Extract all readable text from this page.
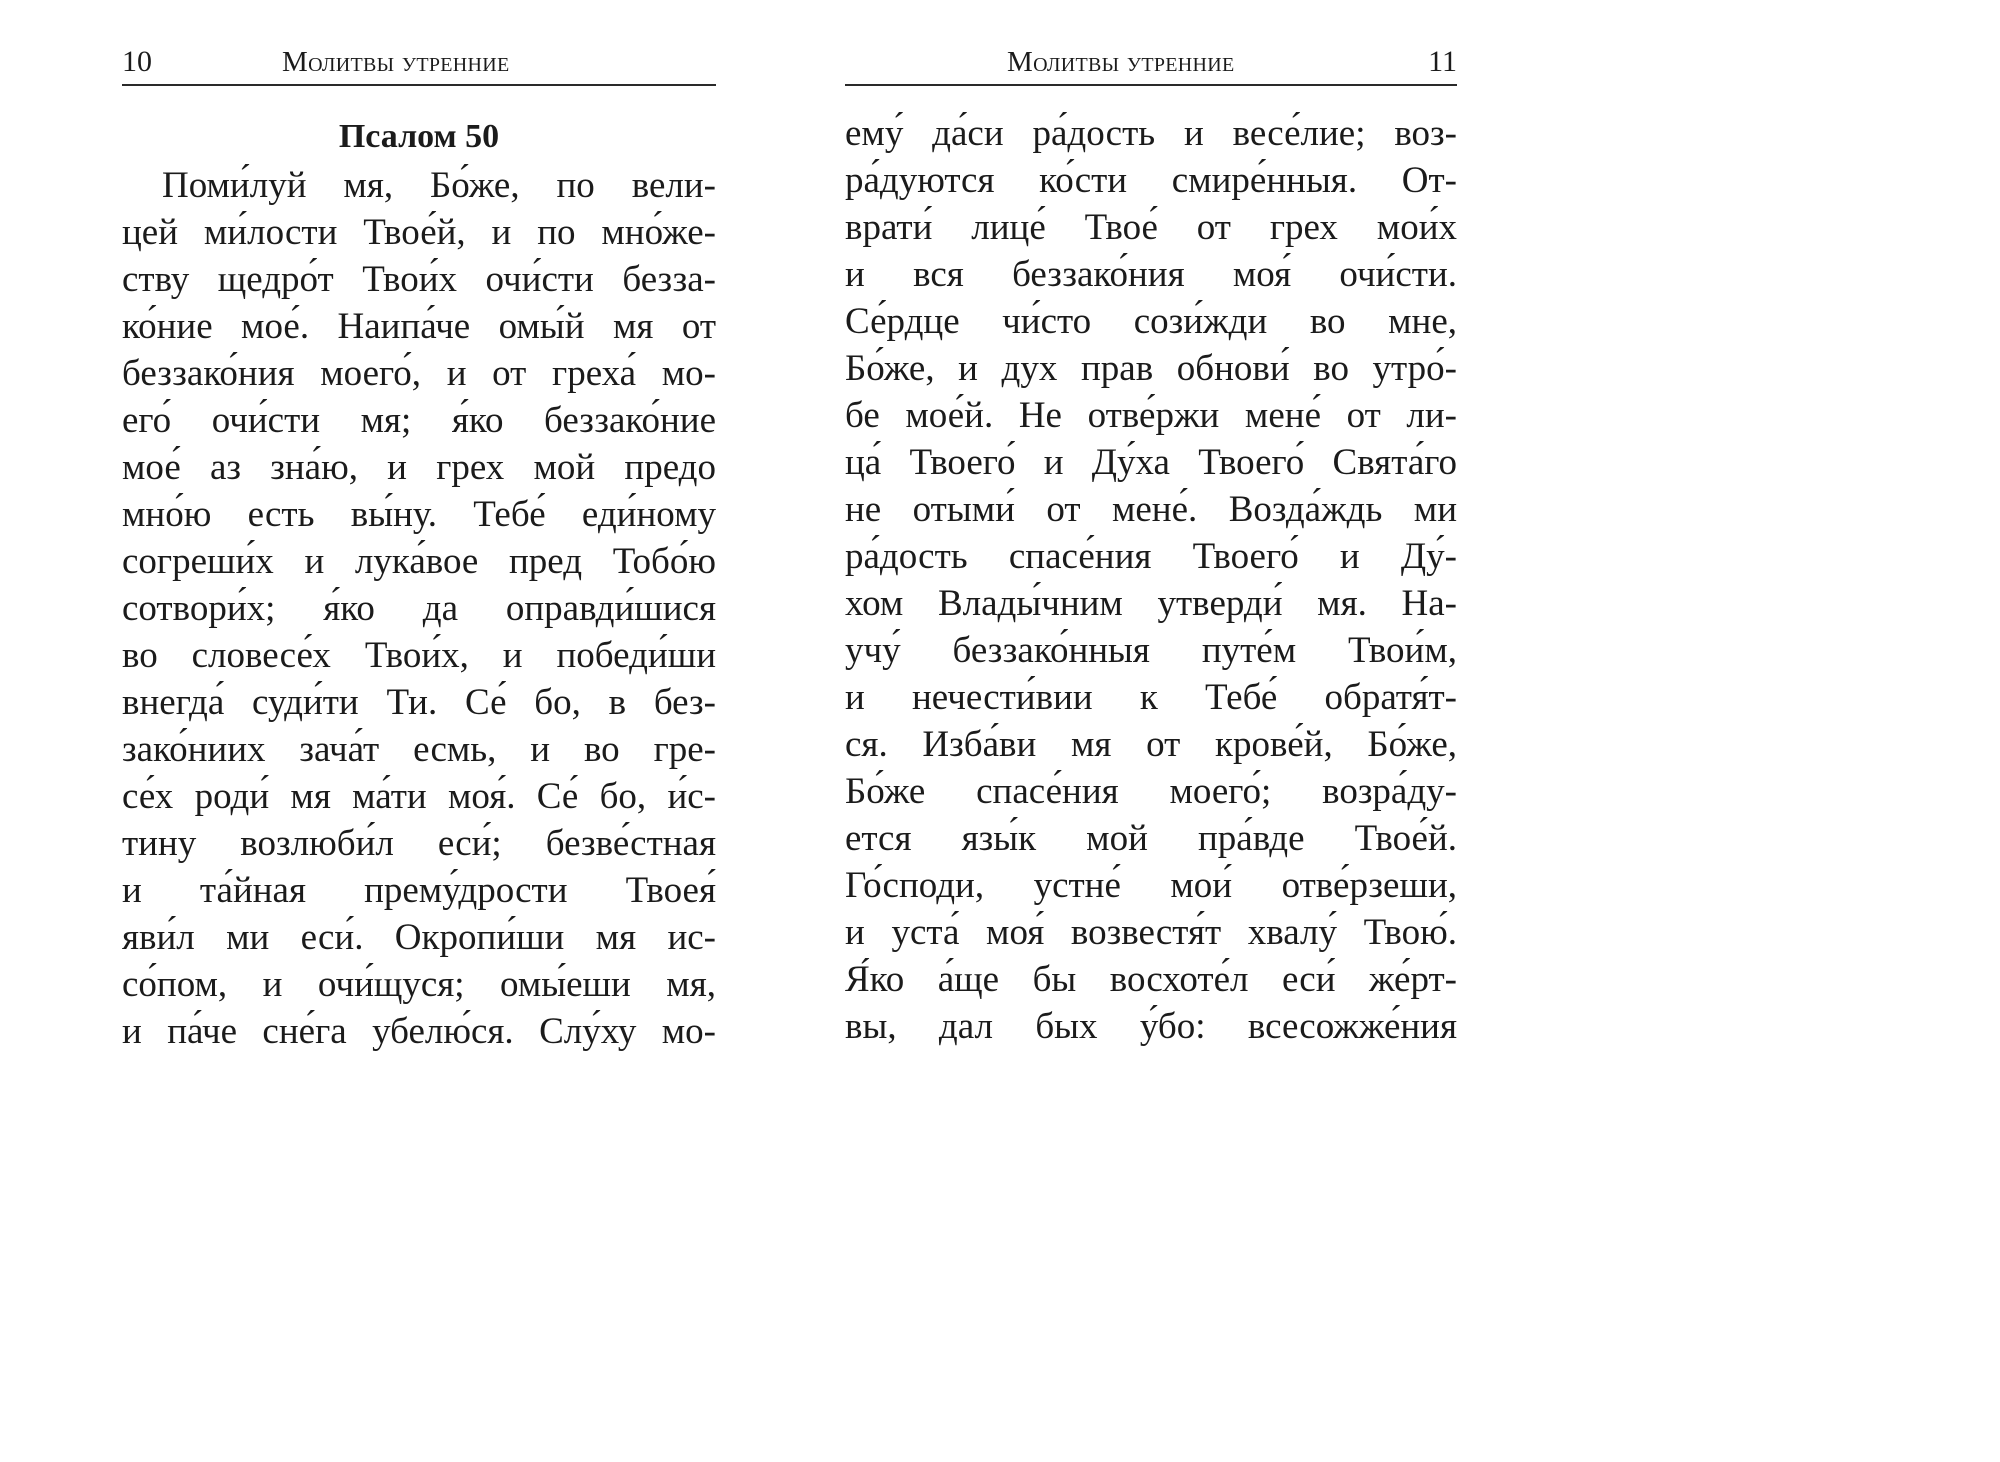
10	Молитвы утренние
Псалом 50
Поми́луй мя, Бо́же, по вели-
цей ми́лости Твое́й, и по мно́же-
ству щедро́т Твои́х очи́сти безза-
ко́ние мое́. Наипа́че омы́й мя от
беззако́ния моего́, и от греха́ мо-
его́ очи́сти мя; я́ко беззако́ние
мое́ аз зна́ю, и грех мой предо
мно́ю есть вы́ну. Тебе́ еди́ному
согреши́х и лука́вое пред Тобо́ю
сотвори́х; я́ко да оправди́шися
во словесе́х Твои́х, и победи́ши
внегда́ суди́ти Ти. Се́ бо, в без-
зако́ниих зача́т есмь, и во гре-
се́х роди́ мя ма́ти моя́. Се́ бо, и́с-
тину возлюби́л еси́; безве́стная
и та́йная прему́дрости Твоея́
яви́л ми еси́. Окропи́ши мя ис-
со́пом, и очи́щуся; омы́еши мя,
и па́че сне́га убелю́ся. Слу́ху мо-
Молитвы утренние	11
ему́ да́си ра́дость и весе́лие; воз-
ра́дуются ко́сти смире́нныя. От-
врати́ лице́ Твое́ от грех мои́х
и вся беззако́ния моя́ очи́сти.
Се́рдце чи́сто сози́жди во мне,
Бо́же, и дух прав обнови́ во утро́-
бе мое́й. Не отве́ржи мене́ от ли-
ца́ Твоего́ и Ду́ха Твоего́ Свята́го
не отыми́ от мене́. Возда́ждь ми
ра́дость спасе́ния Твоего́ и Ду́-
хом Влады́чним утверди́ мя. На-
учу́ беззако́нныя путе́м Твои́м,
и нечести́вии к Тебе́ обратя́т-
ся. Изба́ви мя от крове́й, Бо́же,
Бо́же спасе́ния моего́; возра́ду-
ется язы́к мой пра́вде Твое́й.
Го́споди, устне́ мои́ отве́рзеши,
и уста́ моя́ возвестя́т хвалу́ Твою́.
Я́ко а́ще бы восхоте́л еси́ же́рт-
вы, дал бых у́бо: всесожже́ния
